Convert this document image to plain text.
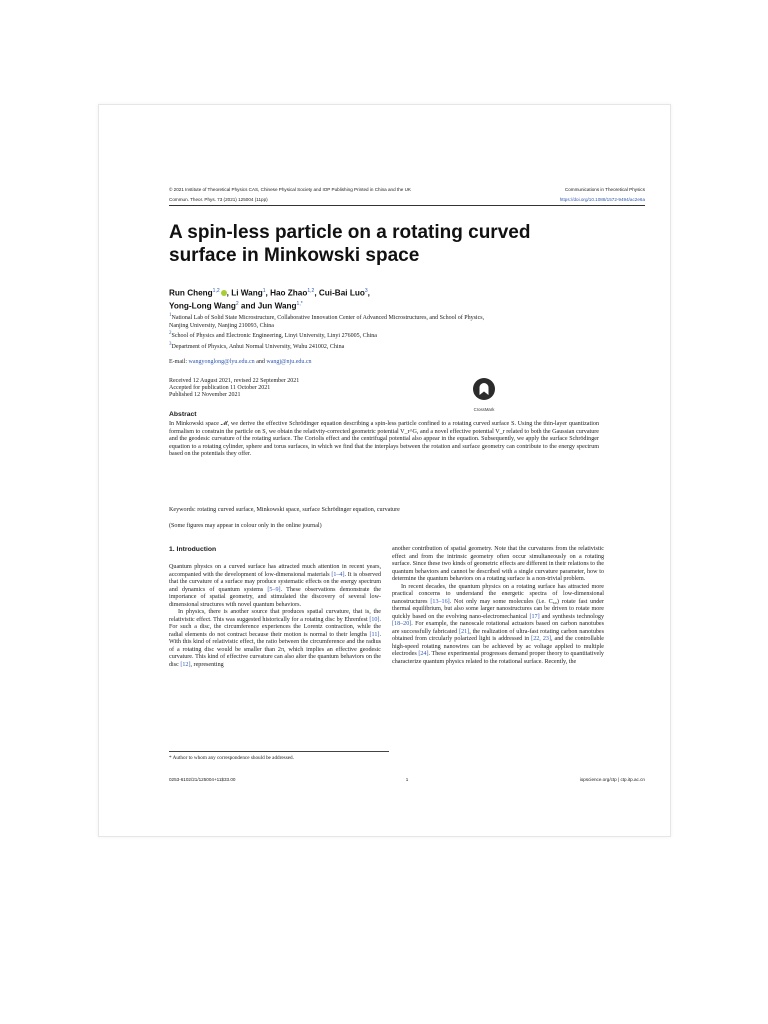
© 2021 Institute of Theoretical Physics CAS, Chinese Physical Society and IOP Publishing Printed in China and the UK	Communications in Theoretical Physics
Commun. Theor. Phys. 73 (2021) 125004 (11pp)	https://doi.org/10.1088/1572-9494/ac2e6a
A spin-less particle on a rotating curved surface in Minkowski space
Run Cheng$^{1,2}$ , Li Wang$^1$, Hao Zhao$^{1,2}$, Cui-Bai Luo$^3$,
Yong-Long Wang$^2$ and Jun Wang$^{1,*}$
$^1$National Lab of Solid State Microstructure, Collaborative Innovation Center of Advanced Microstructures, and School of Physics, Nanjing University, Nanjing 210093, China
$^2$School of Physics and Electronic Engineering, Linyi University, Linyi 276005, China
$^3$Department of Physics, Anhui Normal University, Wuhu 241002, China
E-mail: wangyonglong@lyu.edu.cn and wangj@nju.edu.cn
Received 12 August 2021, revised 22 September 2021
Accepted for publication 11 October 2021
Published 12 November 2021
CrossMark
Abstract

In Minkowski space 𝓜, we derive the effective Schrödinger equation describing a spin-less particle confined to a rotating curved surface S. Using the thin-layer quantization formalism to constrain the particle on S, we obtain the relativity-corrected geometric potential V_r^G, and a novel effective potential V_r related to both the Gaussian curvature and the geodesic curvature of the rotating surface. The Coriolis effect and the centrifugal potential also appear in the equation. Subsequently, we apply the surface Schrödinger equation to a rotating cylinder, sphere and torus surfaces, in which we find that the interplays between the rotation and surface geometry can contribute to the energy spectrum based on the potentials they offer.

Keywords: rotating curved surface, Minkowski space, surface Schrödinger equation, curvature
(Some figures may appear in colour only in the online journal)
1. Introduction

Quantum physics on a curved surface has attracted much attention in recent years, accompanied with the development of low-dimensional materials [1–4]. It is observed that the curvature of a surface may produce systematic effects on the energy spectrum and dynamics of quantum systems [5–9]. These observations demonstrate the importance of spatial geometry, and stimulated the discovery of several low-dimensional structures with novel quantum behaviors.

In physics, there is another source that produces spatial curvature, that is, the relativistic effect. This was suggested historically for a rotating disc by Ehrenfest [10]. For such a disc, the circumference experiences the Lorentz contraction, while the radial elements do not contract because their motion is normal to their lengths [11]. With this kind of relativistic effect, the ratio between the circumference and the radius of a rotating disc would be smaller than 2π, which implies an effective geodesic curvature. This kind of effective curvature can also alter the quantum behaviors on the disc [12], representing

another contribution of spatial geometry. Note that the curvatures from the relativistic effect and from the intrinsic geometry often occur simultaneously on a rotating surface. Since these two kinds of geometric effects are different in their relations to the quantum behaviors and cannot be described with a single curvature parameter, how to determine the quantum behaviors on a rotating surface is a non-trivial problem.

In recent decades, the quantum physics on a rotating surface has attracted more practical concerns to understand the energetic spectra of low-dimensional nanostructures [13–16]. Not only may some molecules (i.e. C₆₀) rotate fast under thermal equilibrium, but also some larger nanostructures can be driven to rotate more quickly based on the evolving nano-electromechanical [17] and synthesis technology [18–20]. For example, the nanoscale rotational actuators based on carbon nanotubes are successfully fabricated [21], the realization of ultra-fast rotating carbon nanotubes obtained from circularly polarized light is addressed in [22, 23], and the controllable high-speed rotating nanowires can be achieved by ac voltage applied to multiple electrodes [24]. These experimental progresses demand proper theory to quantitatively characterize quantum physics related to the rotational surface. Recently, the

* Author to whom any correspondence should be addressed.
0253-6102/21/125004+11$33.00	1	iopscience.org/ctp | ctp.itp.ac.cn
